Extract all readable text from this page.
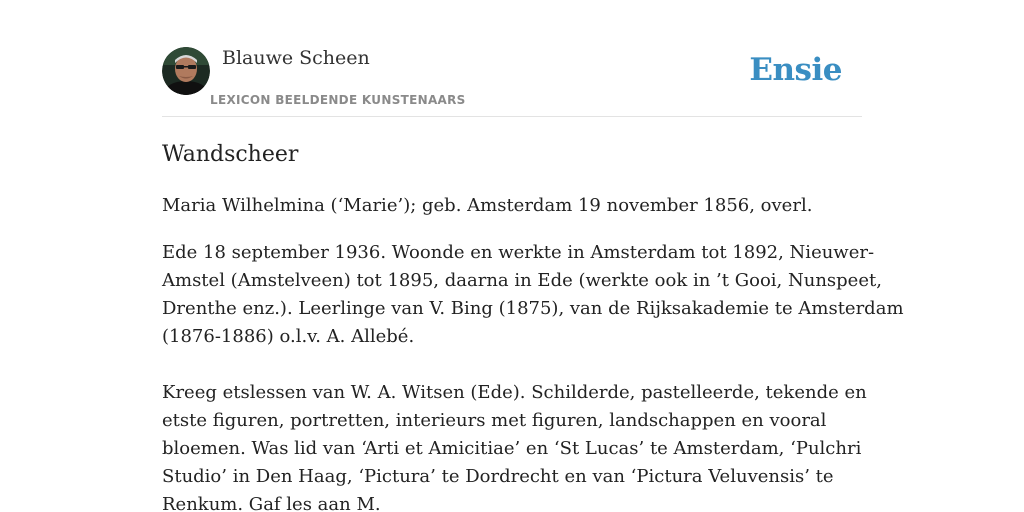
Blauwe Scheen
LEXICON BEELDENDE KUNSTENAARS
Ensie
Wandscheer

Maria Wilhelmina (‘Marie’); geb. Amsterdam 19 november 1856, overl.

Ede 18 september 1936. Woonde en werkte in Amsterdam tot 1892, Nieuwer-
Amstel (Amstelveen) tot 1895, daarna in Ede (werkte ook in ’t Gooi, Nunspeet,
Drenthe enz.). Leerlinge van V. Bing (1875), van de Rijksakademie te Amsterdam
(1876-1886) o.l.v. A. Allebé.
Kreeg etslessen van W. A. Witsen (Ede). Schilderde, pastelleerde, tekende en
etste figuren, portretten, interieurs met figuren, landschappen en vooral
bloemen. Was lid van ‘Arti et Amicitiae’ en ‘St Lucas’ te Amsterdam, ‘Pulchri
Studio’ in Den Haag, ‘Pictura’ te Dordrecht en van ‘Pictura Veluvensis’ te
Renkum. Gaf les aan M.
